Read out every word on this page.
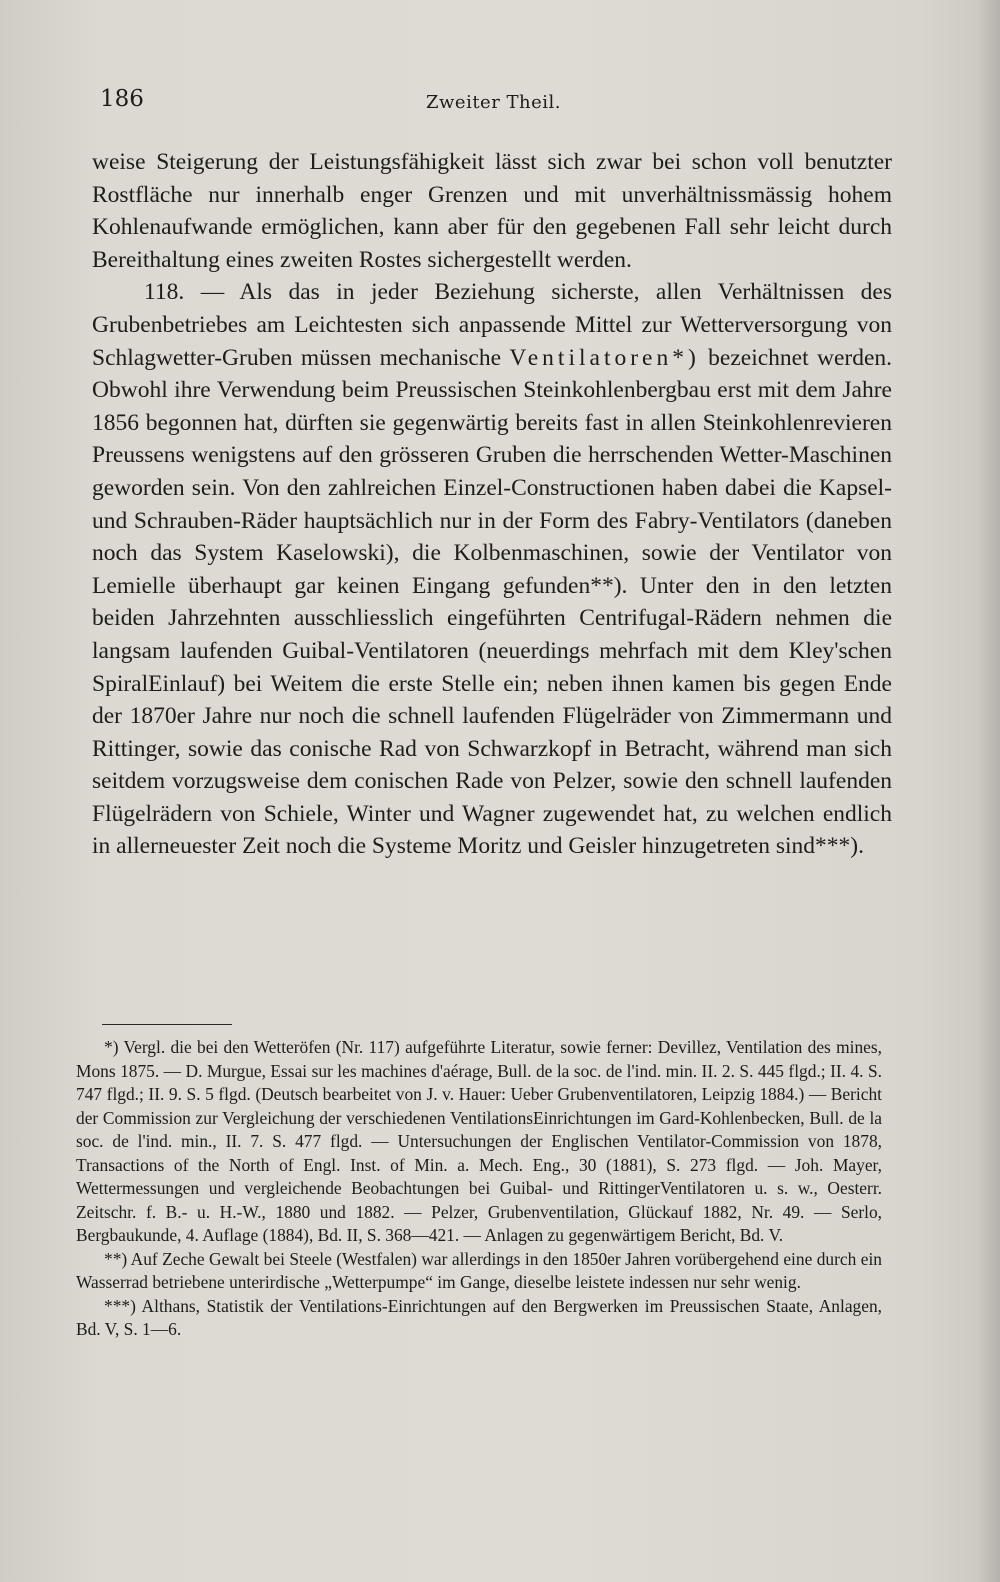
186	Zweiter Theil.

weise Steigerung der Leistungsfähigkeit lässt sich zwar bei schon voll benutzter Rostfläche nur innerhalb enger Grenzen und mit unverhältnissmässig hohem Kohlenaufwande ermöglichen, kann aber für den gegebenen Fall sehr leicht durch Bereithaltung eines zweiten Rostes sichergestellt werden.

118. — Als das in jeder Beziehung sicherste, allen Verhältnissen des Grubenbetriebes am Leichtesten sich anpassende Mittel zur Wetterversorgung von Schlagwetter-Gruben müssen mechanische Ventilatoren*) bezeichnet werden. Obwohl ihre Verwendung beim Preussischen Steinkohlenbergbau erst mit dem Jahre 1856 begonnen hat, dürften sie gegenwärtig bereits fast in allen Steinkohlenrevieren Preussens wenigstens auf den grösseren Gruben die herrschenden Wetter-Maschinen geworden sein. Von den zahlreichen Einzel-Constructionen haben dabei die Kapsel- und Schrauben-Räder hauptsächlich nur in der Form des Fabry-Ventilators (daneben noch das System Kaselowski), die Kolbenmaschinen, sowie der Ventilator von Lemielle überhaupt gar keinen Eingang gefunden**). Unter den in den letzten beiden Jahrzehnten ausschliesslich eingeführten Centrifugal-Rädern nehmen die langsam laufenden Guibal-Ventilatoren (neuerdings mehrfach mit dem Kley'schen SpiralEinlauf) bei Weitem die erste Stelle ein; neben ihnen kamen bis gegen Ende der 1870er Jahre nur noch die schnell laufenden Flügelräder von Zimmermann und Rittinger, sowie das conische Rad von Schwarzkopf in Betracht, während man sich seitdem vorzugsweise dem conischen Rade von Pelzer, sowie den schnell laufenden Flügelrädern von Schiele, Winter und Wagner zugewendet hat, zu welchen endlich in allerneuester Zeit noch die Systeme Moritz und Geisler hinzugetreten sind***).

*) Vergl. die bei den Wetteröfen (Nr. 117) aufgeführte Literatur, sowie ferner: Devillez, Ventilation des mines, Mons 1875. — D. Murgue, Essai sur les machines d'aérage, Bull. de la soc. de l'ind. min. II. 2. S. 445 flgd.; II. 4. S. 747 flgd.; II. 9. S. 5 flgd. (Deutsch bearbeitet von J. v. Hauer: Ueber Grubenventilatoren, Leipzig 1884.) — Bericht der Commission zur Vergleichung der verschiedenen VentilationsEinrichtungen im Gard-Kohlenbecken, Bull. de la soc. de l'ind. min., II. 7. S. 477 flgd. — Untersuchungen der Englischen Ventilator-Commission von 1878, Transactions of the North of Engl. Inst. of Min. a. Mech. Eng., 30 (1881), S. 273 flgd. — Joh. Mayer, Wettermessungen und vergleichende Beobachtungen bei Guibal- und RittingerVentilatoren u. s. w., Oesterr. Zeitschr. f. B.- u. H.-W., 1880 und 1882. — Pelzer, Grubenventilation, Glückauf 1882, Nr. 49. — Serlo, Bergbaukunde, 4. Auflage (1884), Bd. II, S. 368—421. — Anlagen zu gegenwärtigem Bericht, Bd. V.

**) Auf Zeche Gewalt bei Steele (Westfalen) war allerdings in den 1850er Jahren vorübergehend eine durch ein Wasserrad betriebene unterirdische „Wetterpumpe“ im Gange, dieselbe leistete indessen nur sehr wenig.

***) Althans, Statistik der Ventilations-Einrichtungen auf den Bergwerken im Preussischen Staate, Anlagen, Bd. V, S. 1—6.
